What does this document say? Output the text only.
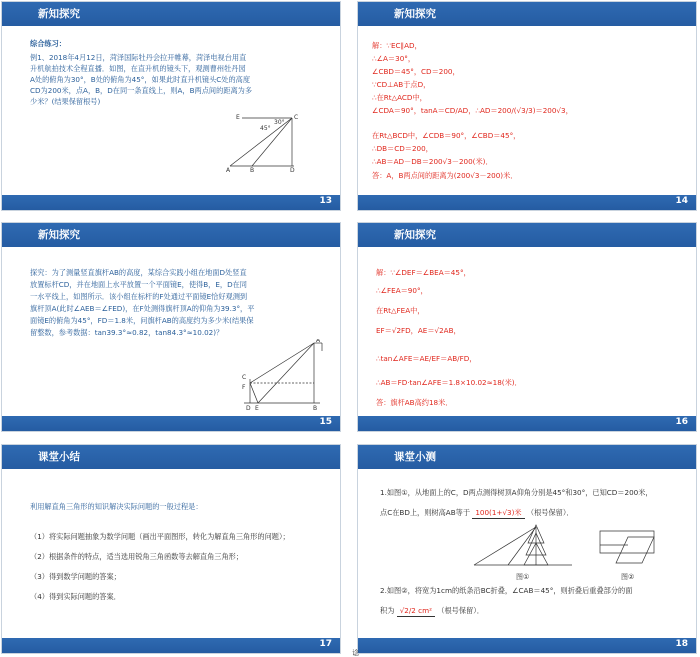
新知探究
综合练习：
例1、2018年4月12日，菏泽国际牡丹会拉开帷幕，菏泽电视台用直
升机航拍技术全程直播．如图，在直升机的镜头下，观测曹州牡丹园
A处的俯角为30°，B处的俯角为45°，如果此时直升机镜头C处的高度
CD为200米，点A，B，D在同一条直线上，则A，B两点间的距离为多
少米？(结果保留根号)
E	C
45°
30°
A	B	D
13
新知探究
解：∵EC∥AD，
∴∠A＝30°，
∠CBD＝45°，CD＝200，
∵CD⊥AB于点D，
∴在Rt△ACD中，
∠CDA＝90°，tanA＝CD/AD，∴AD＝200/(√3/3)＝200√3，
在Rt△BCD中，∠CDB＝90°，∠CBD＝45°，
∴DB＝CD＝200，
∴AB＝AD－DB＝200√3－200(米)．
答：A，B两点间的距离为(200√3－200)米．
14
新知探究
探究：为了测量竖直旗杆AB的高度，某综合实践小组在地面D处竖直
放置标杆CD，并在地面上水平放置一个平面镜E，使得B，E，D在同
一水平线上，如图所示．该小组在标杆的F处通过平面镜E恰好观测到
旗杆顶A(此时∠AEB＝∠FED)，在F处测得旗杆顶A的仰角为39.3°，平
面镜E的俯角为45°，FD＝1.8米，问旗杆AB的高度约为多少米(结果保
留整数，参考数据：tan39.3°≈0.82，tan84.3°≈10.02)？
A
C
F
D E	B
15
新知探究
解：∵∠DEF＝∠BEA＝45°，
∴∠FEA＝90°，
在Rt△FEA中，
EF＝√2FD，AE＝√2AB，
∴tan∠AFE＝AE/EF＝AB/FD，
∴AB＝FD·tan∠AFE＝1.8×10.02≈18(米)．
答：旗杆AB高约18米．
16
课堂小结
利用解直角三角形的知识解决实际问题的一般过程是：
（1）将实际问题抽象为数学问题（画出平面图形，转化为解直角三角形的问题）；
（2）根据条件的特点，适当选用锐角三角函数等去解直角三角形；
（3）得到数学问题的答案；
（4）得到实际问题的答案．
17
课堂小测
1.如图①，从地面上的C，D两点测得树顶A仰角分别是45°和30°，已知CD＝200米，
点C在BD上，则树高AB等于 100(1+√3)米 （根号保留）．
图①	图②
2.如图②，将宽为1cm的纸条沿BC折叠，∠CAB＝45°，则折叠后重叠部分的面
积为 √2/2 cm² （根号保留）．
18
谂
